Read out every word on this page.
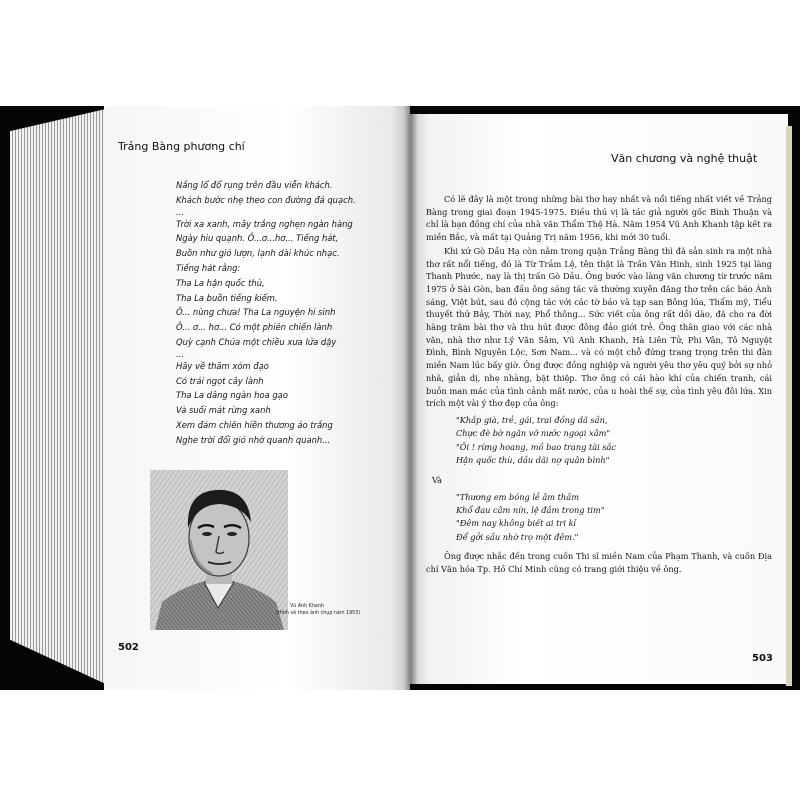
Trảng Bàng phương chí
Nắng lổ đổ rụng trên đầu viễn khách.
Khách bước nhẹ theo con đường đá quạch.
...
Trời xa xanh, mây trắng nghẹn ngàn hàng
Ngày hiu quạnh. Ô...ơ...hơ... Tiếng hát,
Buồn như gió lượn, lạnh dài khúc nhạc.
Tiếng hát rằng:
Tha La hận quốc thù,
Tha La buồn tiếng kiếm.
Ô... nùng chưa! Tha La nguyện hi sinh
Ô... ơ... hơ... Có một phiên chiến lành
Quỳ cạnh Chúa một chiều xưa lửa dậy
...
Hãy về thăm xóm đạo
Có trái ngọt cây lành
Tha La dâng ngàn hoa gạo
Và suối mát rừng xanh
Xem đám chiên hiền thương áo trắng
Nghe trời đổi gió nhớ quanh quanh...
Vũ Anh Khanh
(Hình vẽ theo ảnh chụp năm 1953)
502
Văn chương và nghệ thuật

Có lẽ đây là một trong những bài thơ hay nhất và nổi tiếng nhất viết về Trảng Bàng trong giai đoạn 1945-1975. Điều thú vị là tác giả người gốc Bình Thuận và chỉ là bạn đồng chí của nhà văn Thẩm Thệ Hà. Năm 1954 Vũ Anh Khanh tập kết ra miền Bắc, và mất tại Quảng Trị năm 1956, khi mới 30 tuổi.

Khi xứ Gò Dầu Hạ còn nằm trong quận Trảng Bàng thì đã sản sinh ra một nhà thơ rất nổi tiếng, đó là Từ Trầm Lệ, tên thật là Trần Văn Hinh, sinh 1925 tại làng Thanh Phước, nay là thị trấn Gò Dầu. Ông bước vào làng văn chương từ trước năm 1975 ở Sài Gòn, ban đầu ông sáng tác và thường xuyên đăng thơ trên các báo Ánh sáng, Việt bút, sau đó cộng tác với các tờ báo và tạp san Bông lúa, Thẩm mỹ, Tiểu thuyết thứ Bảy, Thời nay, Phổ thông... Sức viết của ông rất dồi dào, đã cho ra đời hàng trăm bài thơ và thu hút được đông đảo giới trẻ. Ông thân giao với các nhà văn, nhà thơ như Lý Văn Sâm, Vũ Anh Khanh, Hà Liên Tử, Phi Vân, Tô Nguyệt Đình, Bình Nguyên Lộc, Sơn Nam... và có một chỗ đứng trang trọng trên thi đàn miền Nam lúc bấy giờ. Ông được đồng nghiệp và người yêu thơ yêu quý bởi sự nhỏ nhã, giản dị, nhẹ nhàng, bặt thiệp. Thơ ông có cái hào khí của chiến tranh, cái buồn man mác của tình cảnh mất nước, của u hoài thế sự, của tình yêu đôi lứa. Xin trích một vài ý thơ đẹp của ông:

"Khắp già, trẻ, gái, trai đồng dã sần,
Chực đè bờ ngăn vỡ nước ngoại xâm"
"Ôi ! rừng hoang, mồ bao trang tài sắc
Hận quốc thù, dầu dãi nợ quân bình"
Và
"Thương em bóng lẻ âm thầm
Khổ đau câm nín, lệ đầm trong tim"
"Đêm nay không biết ai tri kỉ
Để gởi sầu nhờ trọ một đêm."

Ông được nhắc đến trong cuốn Thi sĩ miền Nam của Phạm Thanh, và cuốn Địa chí Văn hóa Tp. Hồ Chí Minh cũng có trang giới thiệu về ông.

503
